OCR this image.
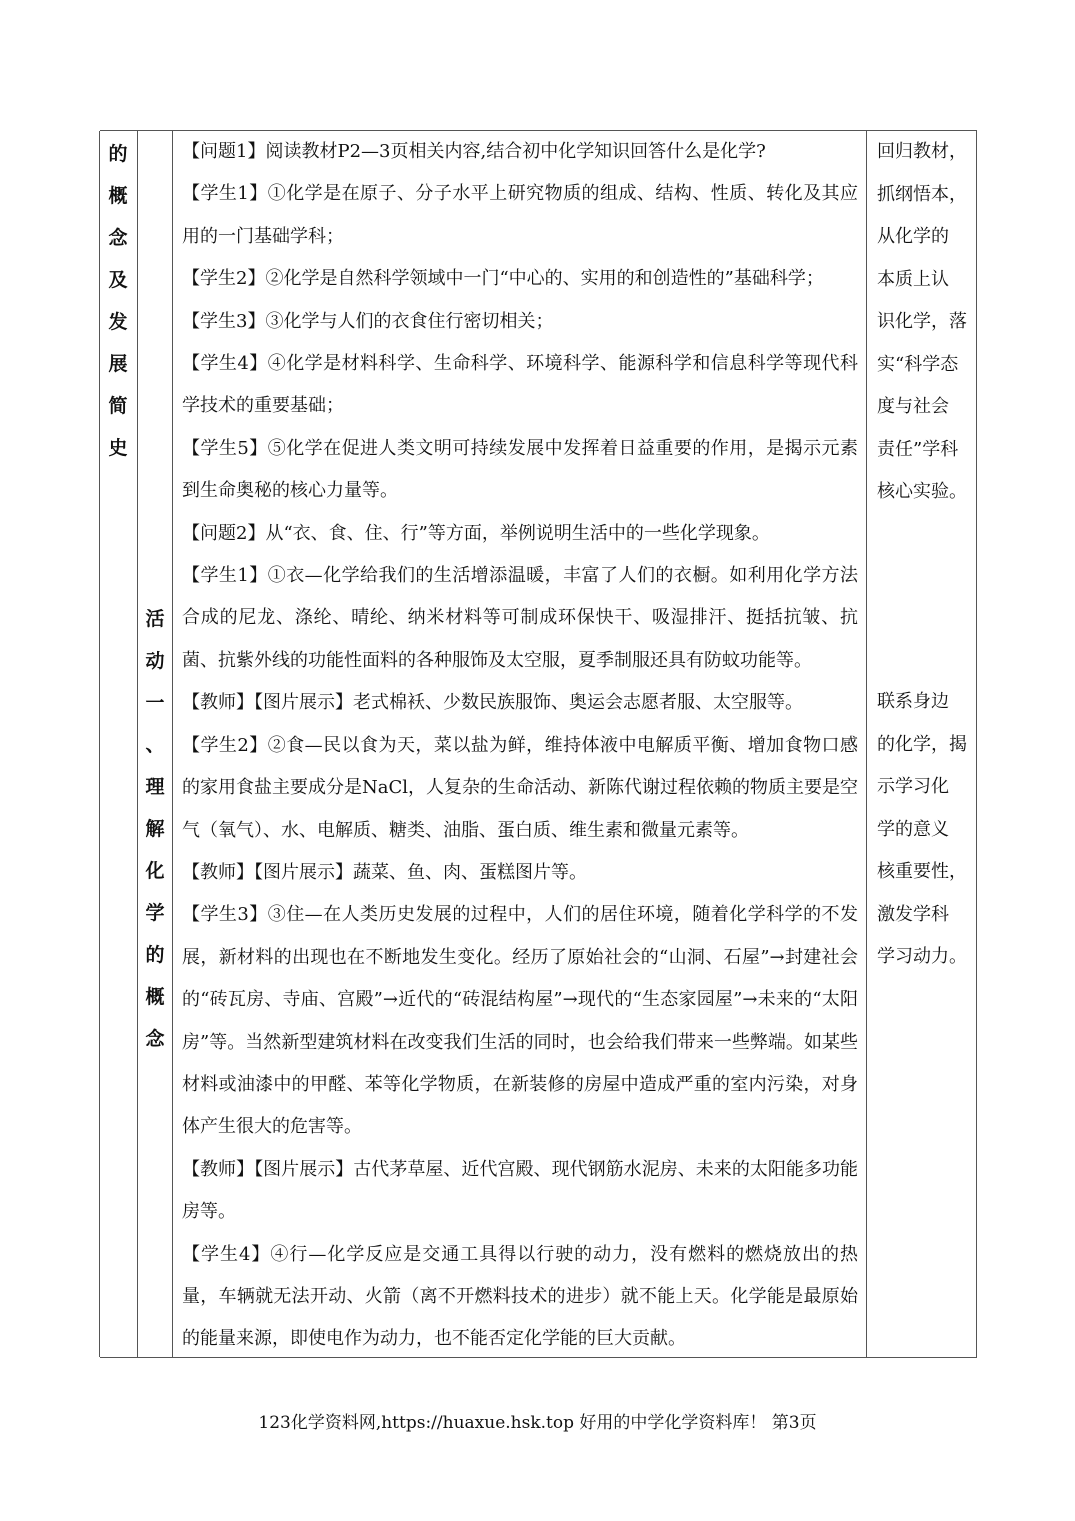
的
概
念
及
发
展
简
史
活
动
一
、
理
解
化
学
的
概
念

【问题1】阅读教材P2—3页相关内容,结合初中化学知识回答什么是化学?

【学生1】①化学是在原子、分子水平上研究物质的组成、结构、性质、转化及其应用的一门基础学科；

【学生2】②化学是自然科学领域中一门“中心的、实用的和创造性的”基础科学；

【学生3】③化学与人们的衣食住行密切相关；

【学生4】④化学是材料科学、生命科学、环境科学、能源科学和信息科学等现代科学技术的重要基础；

【学生5】⑤化学在促进人类文明可持续发展中发挥着日益重要的作用，是揭示元素到生命奥秘的核心力量等。

【问题2】从“衣、食、住、行”等方面，举例说明生活中的一些化学现象。

【学生1】①衣—化学给我们的生活增添温暖，丰富了人们的衣橱。如利用化学方法合成的尼龙、涤纶、晴纶、纳米材料等可制成环保快干、吸湿排汗、挺括抗皱、抗菌、抗紫外线的功能性面料的各种服饰及太空服，夏季制服还具有防蚊功能等。

【教师】【图片展示】老式棉袄、少数民族服饰、奥运会志愿者服、太空服等。

【学生2】②食—民以食为天，菜以盐为鲜，维持体液中电解质平衡、增加食物口感的家用食盐主要成分是NaCl，人复杂的生命活动、新陈代谢过程依赖的物质主要是空气（氧气）、水、电解质、糖类、油脂、蛋白质、维生素和微量元素等。

【教师】【图片展示】蔬菜、鱼、肉、蛋糕图片等。

【学生3】③住—在人类历史发展的过程中，人们的居住环境，随着化学科学的不发展，新材料的出现也在不断地发生变化。经历了原始社会的“山洞、石屋”→封建社会的“砖瓦房、寺庙、宫殿”→近代的“砖混结构屋”→现代的“生态家园屋”→未来的“太阳房”等。当然新型建筑材料在改变我们生活的同时，也会给我们带来一些弊端。如某些材料或油漆中的甲醛、苯等化学物质，在新装修的房屋中造成严重的室内污染，对身体产生很大的危害等。

【教师】【图片展示】古代茅草屋、近代宫殿、现代钢筋水泥房、未来的太阳能多功能房等。

【学生4】④行—化学反应是交通工具得以行驶的动力，没有燃料的燃烧放出的热量，车辆就无法开动、火箭（离不开燃料技术的进步）就不能上天。化学能是最原始的能量来源，即使电作为动力，也不能否定化学能的巨大贡献。

回归教材，
抓纲悟本，
从化学的
本质上认
识化学，落
实“科学态
度与社会
责任”学科
核心实验。
联系身边
的化学，揭
示学习化
学的意义
核重要性，
激发学科
学习动力。
123化学资料网,https://huaxue.hsk.top 好用的中学化学资料库！ 第3页
